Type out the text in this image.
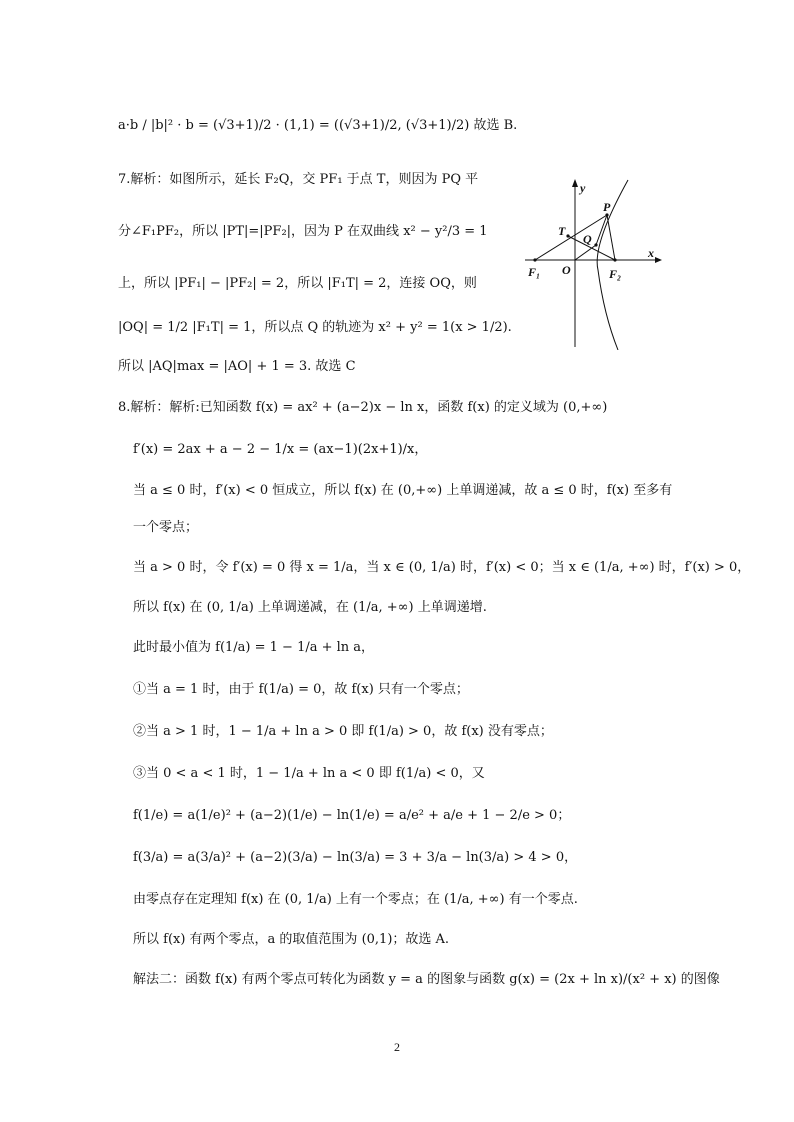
a·b / |b|² · b = (√3+1)/2 · (1,1) = ((√3+1)/2, (√3+1)/2) 故选 B.
7.解析：如图所示，延长 F₂Q，交 PF₁ 于点 T，则因为 PQ 平
分∠F₁PF₂，所以 |PT|=|PF₂|，因为 P 在双曲线 x² − y²/3 = 1
上，所以 |PF₁| − |PF₂| = 2，所以 |F₁T| = 2，连接 OQ，则
|OQ| = 1/2 |F₁T| = 1，所以点 Q 的轨迹为 x² + y² = 1(x > 1/2).
所以 |AQ|max = |AO| + 1 = 3. 故选 C
8.解析：解析:已知函数 f(x) = ax² + (a−2)x − ln x，函数 f(x) 的定义域为 (0,+∞)
f′(x) = 2ax + a − 2 − 1/x = (ax−1)(2x+1)/x，
当 a ≤ 0 时，f′(x) < 0 恒成立，所以 f(x) 在 (0,+∞) 上单调递减，故 a ≤ 0 时，f(x) 至多有
一个零点；
当 a > 0 时，令 f′(x) = 0 得 x = 1/a，当 x ∈ (0, 1/a) 时，f′(x) < 0；当 x ∈ (1/a, +∞) 时，f′(x) > 0，
所以 f(x) 在 (0, 1/a) 上单调递减，在 (1/a, +∞) 上单调递增.
此时最小值为 f(1/a) = 1 − 1/a + ln a，
①当 a = 1 时，由于 f(1/a) = 0，故 f(x) 只有一个零点；
②当 a > 1 时，1 − 1/a + ln a > 0 即 f(1/a) > 0，故 f(x) 没有零点；
③当 0 < a < 1 时，1 − 1/a + ln a < 0 即 f(1/a) < 0，又
f(1/e) = a(1/e)² + (a−2)(1/e) − ln(1/e) = a/e² + a/e + 1 − 2/e > 0；
f(3/a) = a(3/a)² + (a−2)(3/a) − ln(3/a) = 3 + 3/a − ln(3/a) > 4 > 0，
由零点存在定理知 f(x) 在 (0, 1/a) 上有一个零点；在 (1/a, +∞) 有一个零点.
所以 f(x) 有两个零点，a 的取值范围为 (0,1)；故选 A.
解法二：函数 f(x) 有两个零点可转化为函数 y = a 的图象与函数 g(x) = (2x + ln x)/(x² + x) 的图像
y
x
P
T
Q
F₁ O	F₂
2
